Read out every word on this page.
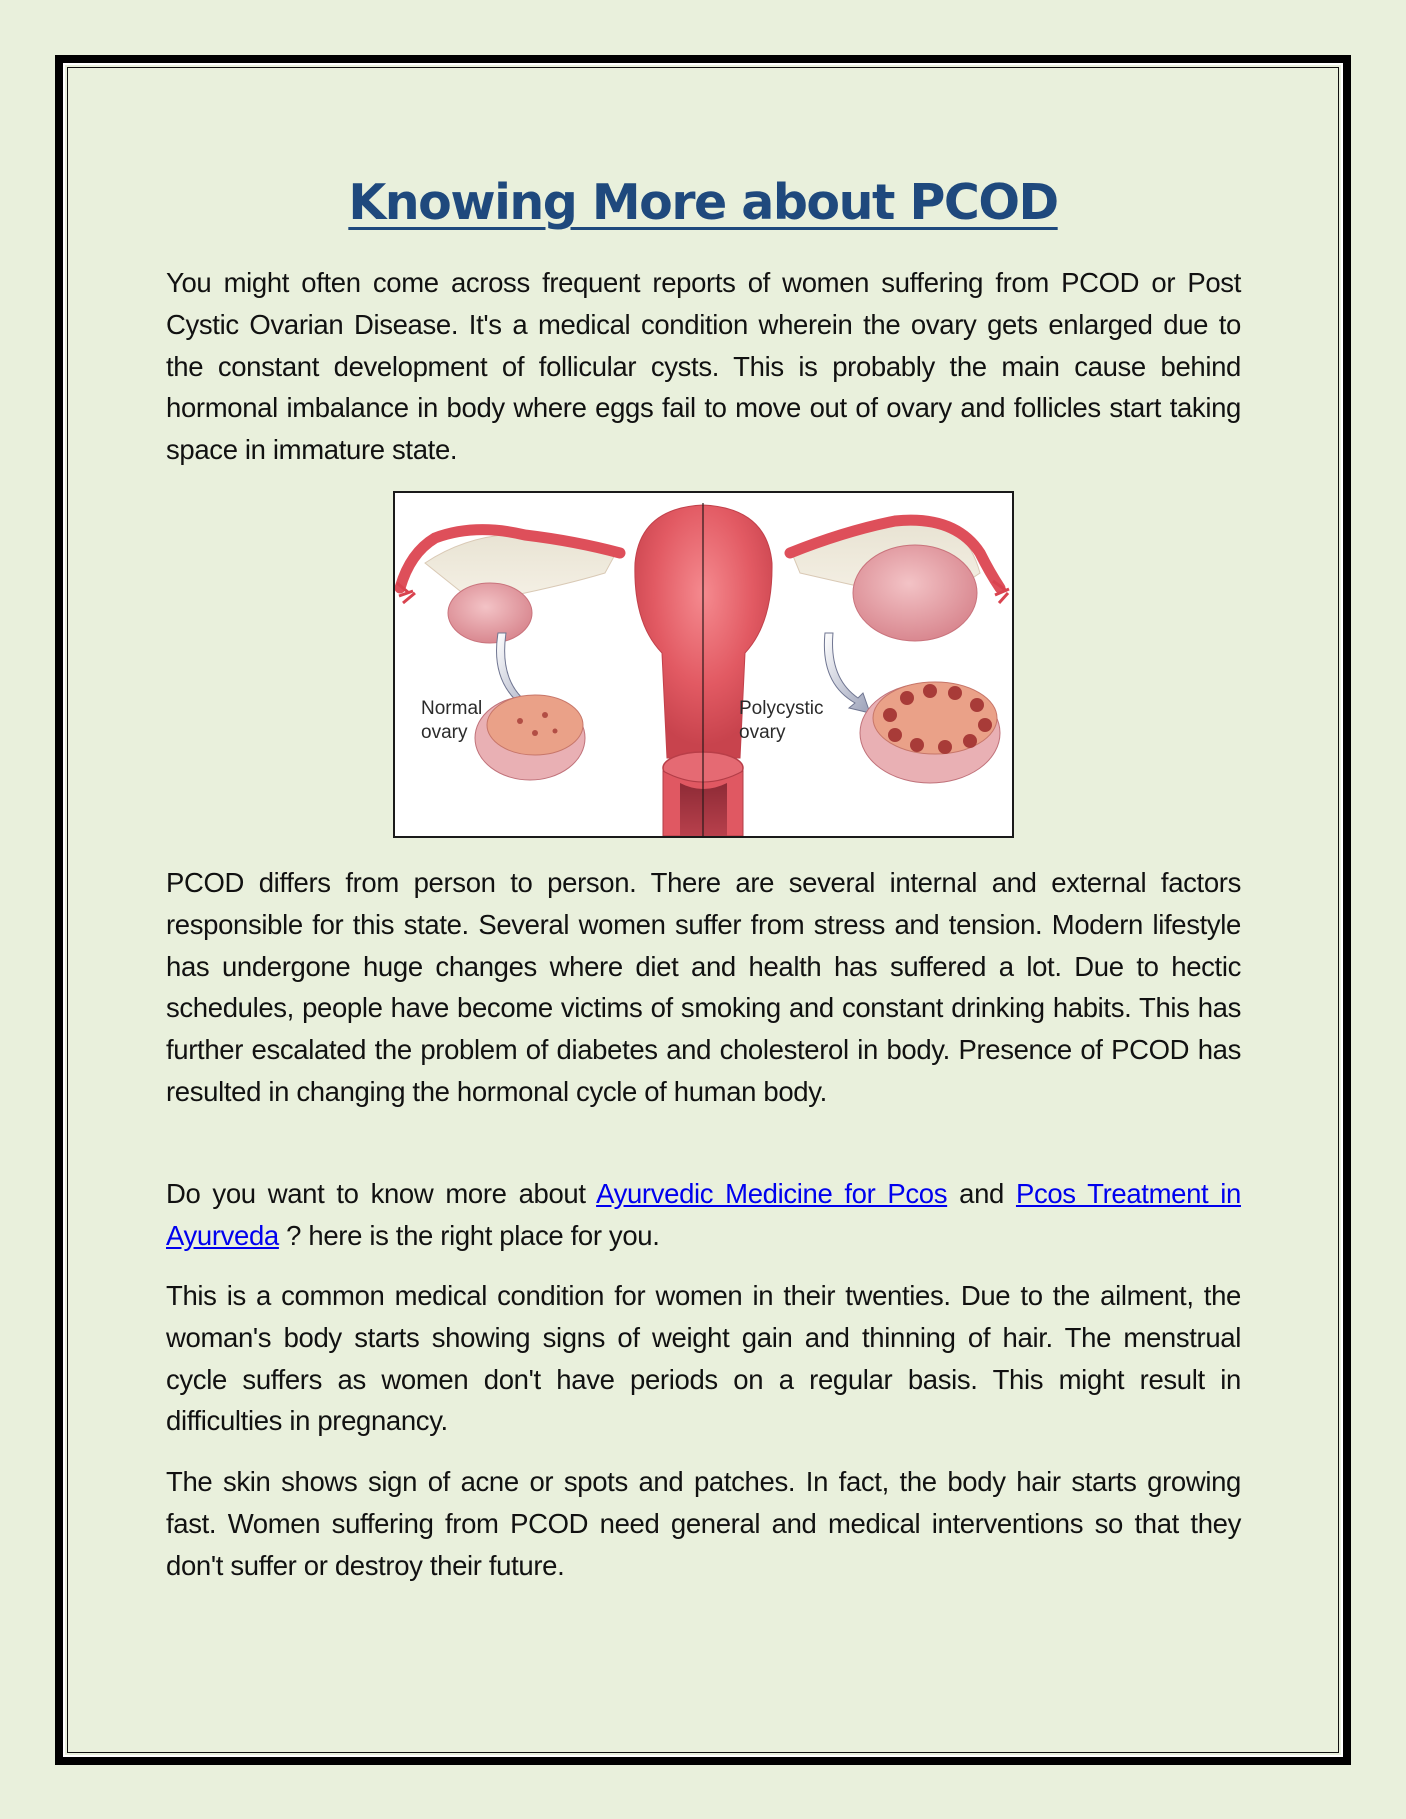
Knowing More about PCOD

You might often come across frequent reports of women suffering from PCOD or Post Cystic Ovarian Disease. It's a medical condition wherein the ovary gets enlarged due to the constant development of follicular cysts. This is probably the main cause behind hormonal imbalance in body where eggs fail to move out of ovary and follicles start taking space in immature state.

Normal
ovary
Polycystic
ovary

PCOD differs from person to person. There are several internal and external factors responsible for this state. Several women suffer from stress and tension. Modern lifestyle has undergone huge changes where diet and health has suffered a lot. Due to hectic schedules, people have become victims of smoking and constant drinking habits. This has further escalated the problem of diabetes and cholesterol in body. Presence of PCOD has resulted in changing the hormonal cycle of human body.

Do you want to know more about Ayurvedic Medicine for Pcos and Pcos Treatment in Ayurveda ? here is the right place for you.

This is a common medical condition for women in their twenties. Due to the ailment, the woman's body starts showing signs of weight gain and thinning of hair. The menstrual cycle suffers as women don't have periods on a regular basis. This might result in difficulties in pregnancy.

The skin shows sign of acne or spots and patches. In fact, the body hair starts growing fast. Women suffering from PCOD need general and medical interventions so that they don't suffer or destroy their future.
